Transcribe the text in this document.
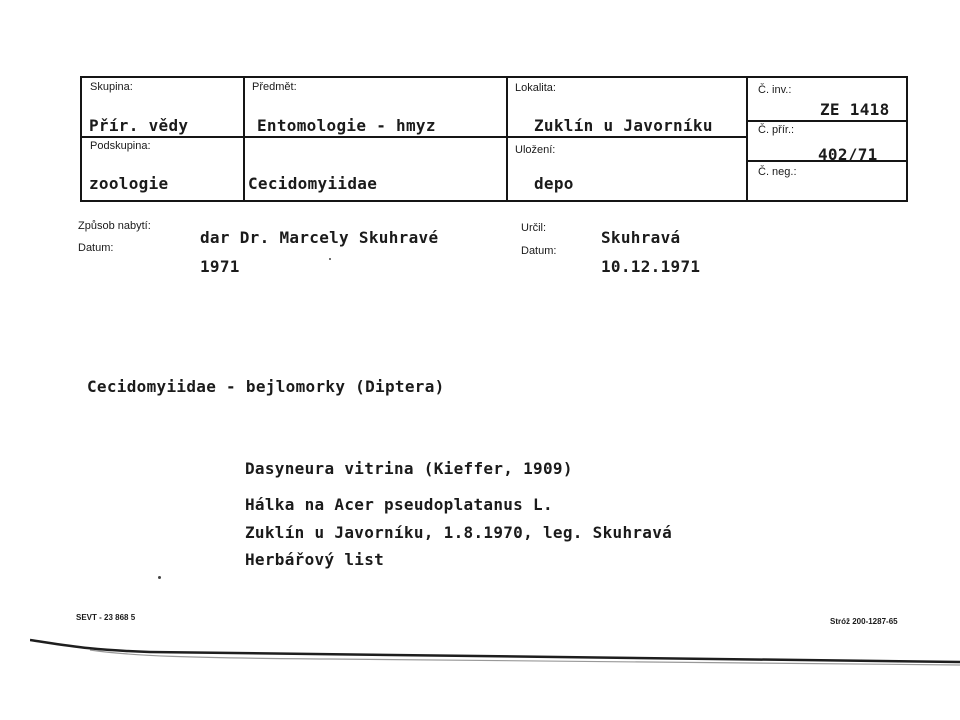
Skupina:
Přír. vědy
Předmět:
Entomologie - hmyz
Lokalita:
Zuklín u Javorníku
Č. inv.:
ZE 1418
Č. přír.:
402/71
Podskupina:
zoologie	Cecidomyiidae
Uložení:
depo
Č. neg.:
Způsob nabytí:
Datum:
dar Dr. Marcely Skuhravé
1971
Určil:
Datum:
Skuhravá
10.12.1971
Cecidomyiidae - bejlomorky (Diptera)
Dasyneura vitrina (Kieffer, 1909)
Hálka na Acer pseudoplatanus L.
Zuklín u Javorníku, 1.8.1970, leg. Skuhravá
Herbářový list
SEVT - 23 868 5	Stróž 200-1287-65
